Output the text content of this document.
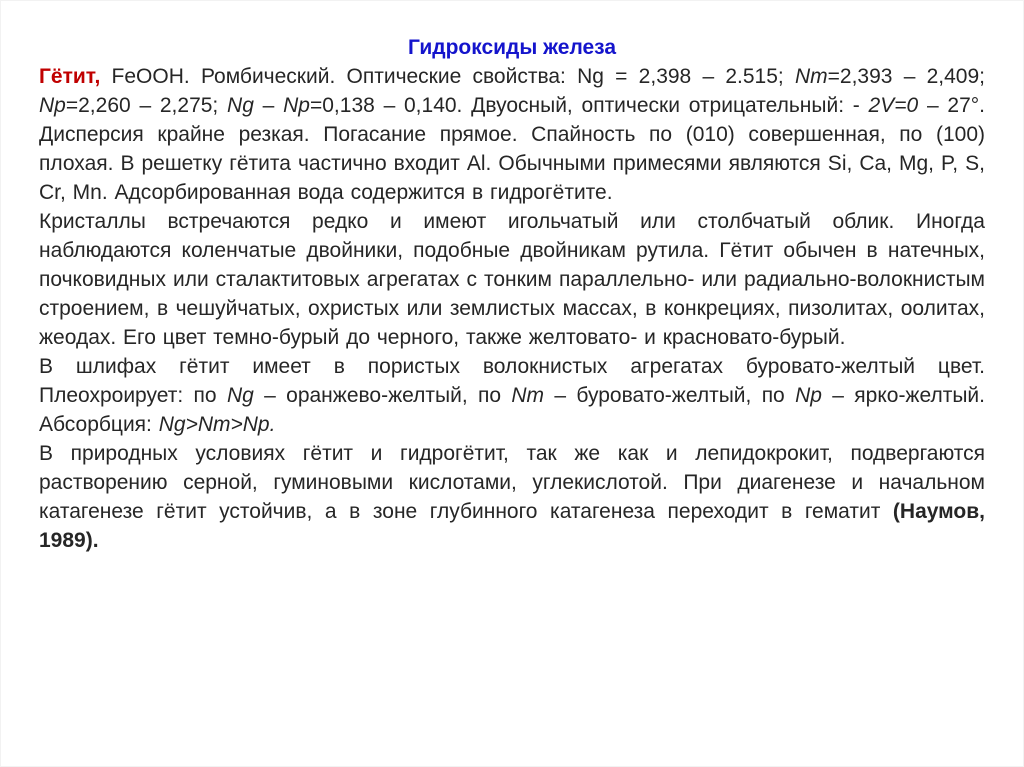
Гидроксиды железа

Гётит, FeOOH. Ромбический. Оптические свойства: Ng = 2,398 – 2.515; Nm=2,393 – 2,409; Np=2,260 – 2,275; Ng – Np=0,138 – 0,140. Двуосный, оптически отрицательный: - 2V=0 – 27°. Дисперсия крайне резкая. Погасание прямое. Спайность по (010) совершенная, по (100) плохая. В решетку гётита частично входит Al. Обычными примесями являются Si, Ca, Mg, P, S, Cr, Mn. Адсорбированная вода содержится в гидрогётите.

Кристаллы встречаются редко и имеют игольчатый или столбчатый облик. Иногда наблюдаются коленчатые двойники, подобные двойникам рутила. Гётит обычен в натечных, почковидных или сталактитовых агрегатах с тонким параллельно- или радиально-волокнистым строением, в чешуйчатых, охристых или землистых массах, в конкрециях, пизолитах, оолитах, жеодах. Его цвет темно-бурый до черного, также желтовато- и красновато-бурый.

В шлифах гётит имеет в пористых волокнистых агрегатах буровато-желтый цвет. Плеохроирует: по Ng – оранжево-желтый, по Nm – буровато-желтый, по Np – ярко-желтый. Абсорбция: Ng>Nm>Np.

В природных условиях гётит и гидрогётит, так же как и лепидокрокит, подвергаются растворению серной, гуминовыми кислотами, углекислотой. При диагенезе и начальном катагенезе гётит устойчив, а в зоне глубинного катагенеза переходит в гематит (Наумов, 1989).
